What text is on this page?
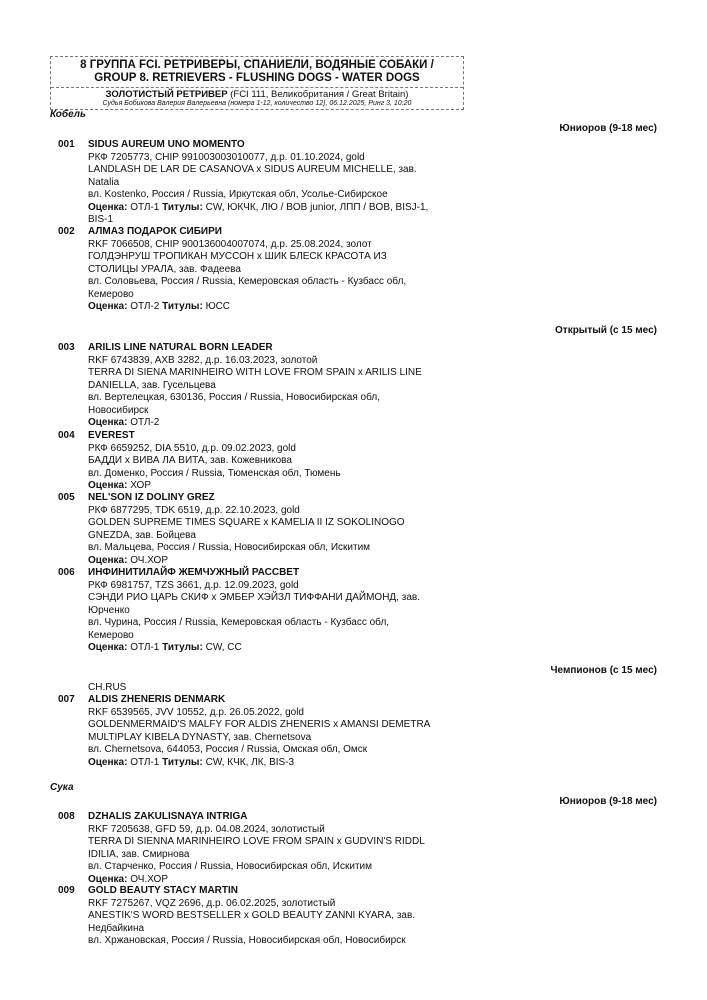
8 ГРУППА FCI. РЕТРИВЕРЫ, СПАНИЕЛИ, ВОДЯНЫЕ СОБАКИ /
GROUP 8. RETRIEVERS - FLUSHING DOGS - WATER DOGS
ЗОЛОТИСТЫЙ РЕТРИВЕР (FCI 111, Великобритания / Great Britain)
Судья Бобикова Валерия Валерьевна (номера 1-12, количество 12), 06.12.2025, Ринг 3, 10:20
Кобель
Юниоров (9-18 мес)
001 SIDUS AUREUM UNO MOMENTO
РКФ 7205773, CHIP 991003003010077, д.р. 01.10.2024, gold
LANDLASH DE LAR DE CASANOVA x SIDUS AUREUM MICHELLE, зав.
Natalia
вл. Kostenko, Россия / Russia, Иркутская обл, Усолье-Сибирское
Оценка: ОТЛ-1 Титулы: CW, ЮКЧК, ЛЮ / BOB junior, ЛПП / BOB, BISJ-1,
BIS-1
002 АЛМАЗ ПОДАРОК СИБИРИ
RKF 7066508, CHIP 900136004007074, д.р. 25.08.2024, золот
ГОЛДЭНРУШ ТРОПИКАН МУССОН x ШИК БЛЕСК КРАСОТА ИЗ
СТОЛИЦЫ УРАЛА, зав. Фадеева
вл. Соловьева, Россия / Russia, Кемеровская область - Кузбасс обл,
Кемерово
Оценка: ОТЛ-2 Титулы: ЮСС
Открытый (с 15 мес)
003 ARILIS LINE NATURAL BORN LEADER
RKF 6743839, AXB 3282, д.р. 16.03.2023, золотой
TERRA DI SIENA MARINHEIRO WITH LOVE FROM SPAIN x ARILIS LINE
DANIELLA, зав. Гусельцева
вл. Вертелецкая, 630136, Россия / Russia, Новосибирская обл,
Новосибирск
Оценка: ОТЛ-2
004 EVEREST
РКФ 6659252, DIA 5510, д.р. 09.02.2023, gold
БАДДИ x ВИВА ЛА ВИТА, зав. Кожевникова
вл. Доменко, Россия / Russia, Тюменская обл, Тюмень
Оценка: ХОР
005 NEL'SON IZ DOLINY GREZ
РКФ 6877295, TDK 6519, д.р. 22.10.2023, gold
GOLDEN SUPREME TIMES SQUARE x KAMELIA II IZ SOKOLINOGO
GNEZDA, зав. Бойцева
вл. Мальцева, Россия / Russia, Новосибирская обл, Искитим
Оценка: ОЧ.ХОР
006 ИНФИНИТИЛАЙФ ЖЕМЧУЖНЫЙ РАССВЕТ
РКФ 6981757, TZS 3661, д.р. 12.09.2023, gold
СЭНДИ РИО ЦАРЬ СКИФ x ЭМБЕР ХЭЙЗЛ ТИФФАНИ ДАЙМОНД, зав.
Юрченко
вл. Чурина, Россия / Russia, Кемеровская область - Кузбасс обл,
Кемерово
Оценка: ОТЛ-1 Титулы: CW, СС
Чемпионов (с 15 мес)
CH.RUS
007 ALDIS ZHENERIS DENMARK
RKF 6539565, JVV 10552, д.р. 26.05.2022, gold
GOLDENMERMAID'S MALFY FOR ALDIS ZHENERIS x AMANSI DEMETRA
MULTIPLAY KIBELA DYNASTY, зав. Chernetsova
вл. Chernetsova, 644053, Россия / Russia, Омская обл, Омск
Оценка: ОТЛ-1 Титулы: CW, КЧК, ЛК, BIS-3
Сука
Юниоров (9-18 мес)
008 DZHALIS ZAKULISNAYA INTRIGA
RKF 7205638, GFD 59, д.р. 04.08.2024, золотистый
TERRA DI SIENNA MARINHEIRO LOVE FROM SPAIN x GUDVIN'S RIDDL
IDILIA, зав. Смирнова
вл. Старченко, Россия / Russia, Новосибирская обл, Искитим
Оценка: ОЧ.ХОР
009 GOLD BEAUTY STACY MARTIN
RKF 7275267, VQZ 2696, д.р. 06.02.2025, золотистый
ANESTIK'S WORD BESTSELLER x GOLD BEAUTY ZANNI KYARA, зав.
Недбайкина
вл. Хржановская, Россия / Russia, Новосибирская обл, Новосибирск
